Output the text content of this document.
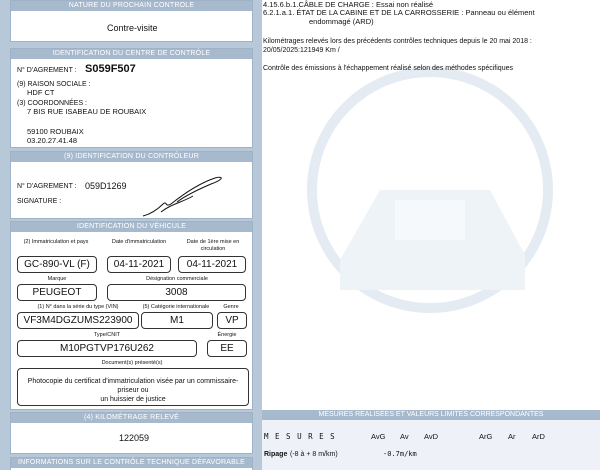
NATURE DU PROCHAIN CONTROLE
Contre-visite
IDENTIFICATION DU CENTRE DE CONTRÔLE
N° D'AGREMENT : S059F507
(9) RAISON SOCIALE :
HDF CT
(3) COORDONNÉES :
7 BIS RUE ISABEAU DE ROUBAIX
59100 ROUBAIX
03.20.27.41.48
(9) IDENTIFICATION DU CONTRÔLEUR
N° D'AGREMENT : 059D1269
SIGNATURE :
IDENTIFICATION DU VÉHICULE
(2) Immatriculation et pays	Date d'immatriculation	Date de 1ère mise en circulation
GC-890-VL (F)	04-11-2021	04-11-2021
Marque	Désignation commerciale
PEUGEOT	3008
(1) N° dans la série du type (VIN)	(5) Catégorie internationale	Genre
VF3M4DGZUMS223900	M1	VP
Type/CNIT	Énergie
M10PGTVP176U262	EE
Document(s) présenté(s)
Photocopie du certificat d'immatriculation visée par un commissaire-priseur ou
un huissier de justice
(4) KILOMÉTRAGE RELEVÉ
122059
INFORMATIONS SUR LE CONTRÔLE TECHNIQUE DÉFAVORABLE
4.15.6.b.1.CÂBLE DE CHARGE : Essai non réalisé
6.2.1.a.1. ÉTAT DE LA CABINE ET DE LA CARROSSERIE : Panneau ou élément
endommagé (ARD)
Kilométrages relevés lors des précédents contrôles techniques depuis le 20 mai 2018 :
20/05/2025:121949 Km /
Contrôle des émissions à l'échappement réalisé selon des méthodes spécifiques
MESURES RÉALISÉES ET VALEURS LIMITES CORRESPONDANTES
M E S U R E S	AvG Av AvD	ArG Ar ArD
Ripage (-8 à + 8 m/km)	-0.7m/km
